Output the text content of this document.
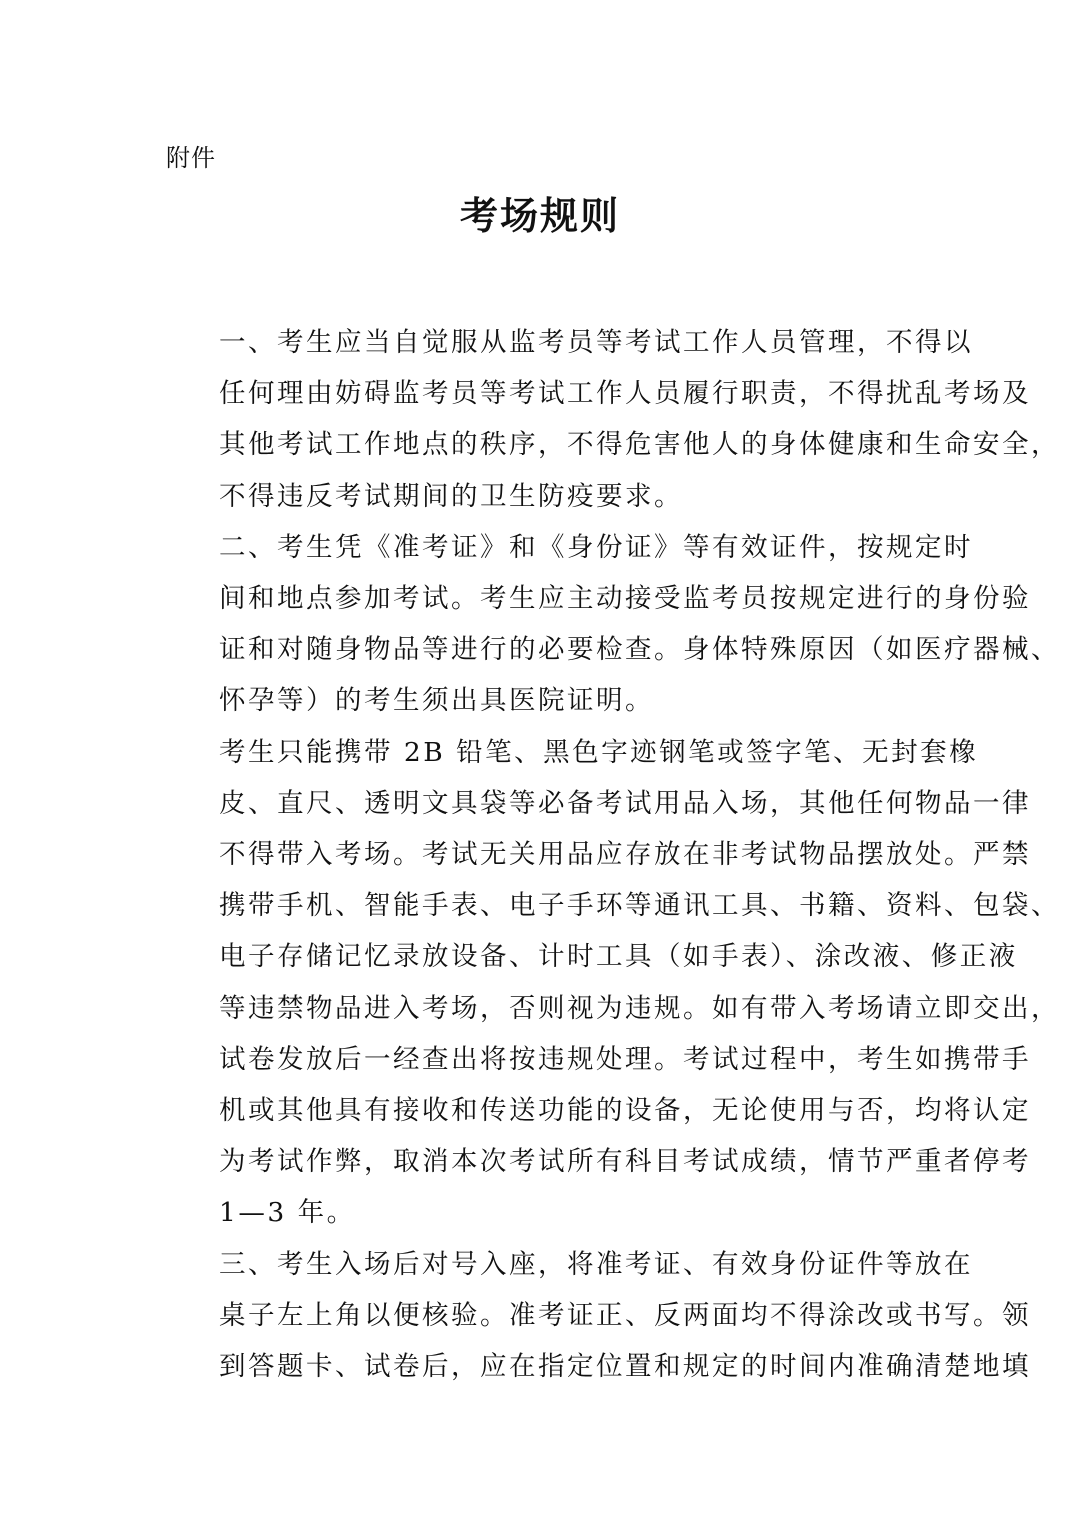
附件
考场规则

一、考生应当自觉服从监考员等考试工作人员管理，不得以
任何理由妨碍监考员等考试工作人员履行职责，不得扰乱考场及
其他考试工作地点的秩序，不得危害他人的身体健康和生命安全，
不得违反考试期间的卫生防疫要求。

二、考生凭《准考证》和《身份证》等有效证件，按规定时
间和地点参加考试。考生应主动接受监考员按规定进行的身份验
证和对随身物品等进行的必要检查。身体特殊原因（如医疗器械、
怀孕等）的考生须出具医院证明。

考生只能携带 2B 铅笔、黑色字迹钢笔或签字笔、无封套橡
皮、直尺、透明文具袋等必备考试用品入场，其他任何物品一律
不得带入考场。考试无关用品应存放在非考试物品摆放处。严禁
携带手机、智能手表、电子手环等通讯工具、书籍、资料、包袋、
电子存储记忆录放设备、计时工具（如手表）、涂改液、修正液
等违禁物品进入考场，否则视为违规。如有带入考场请立即交出，
试卷发放后一经查出将按违规处理。考试过程中，考生如携带手
机或其他具有接收和传送功能的设备，无论使用与否，均将认定
为考试作弊，取消本次考试所有科目考试成绩，情节严重者停考
1—3 年。

三、考生入场后对号入座，将准考证、有效身份证件等放在
桌子左上角以便核验。准考证正、反两面均不得涂改或书写。领
到答题卡、试卷后，应在指定位置和规定的时间内准确清楚地填
